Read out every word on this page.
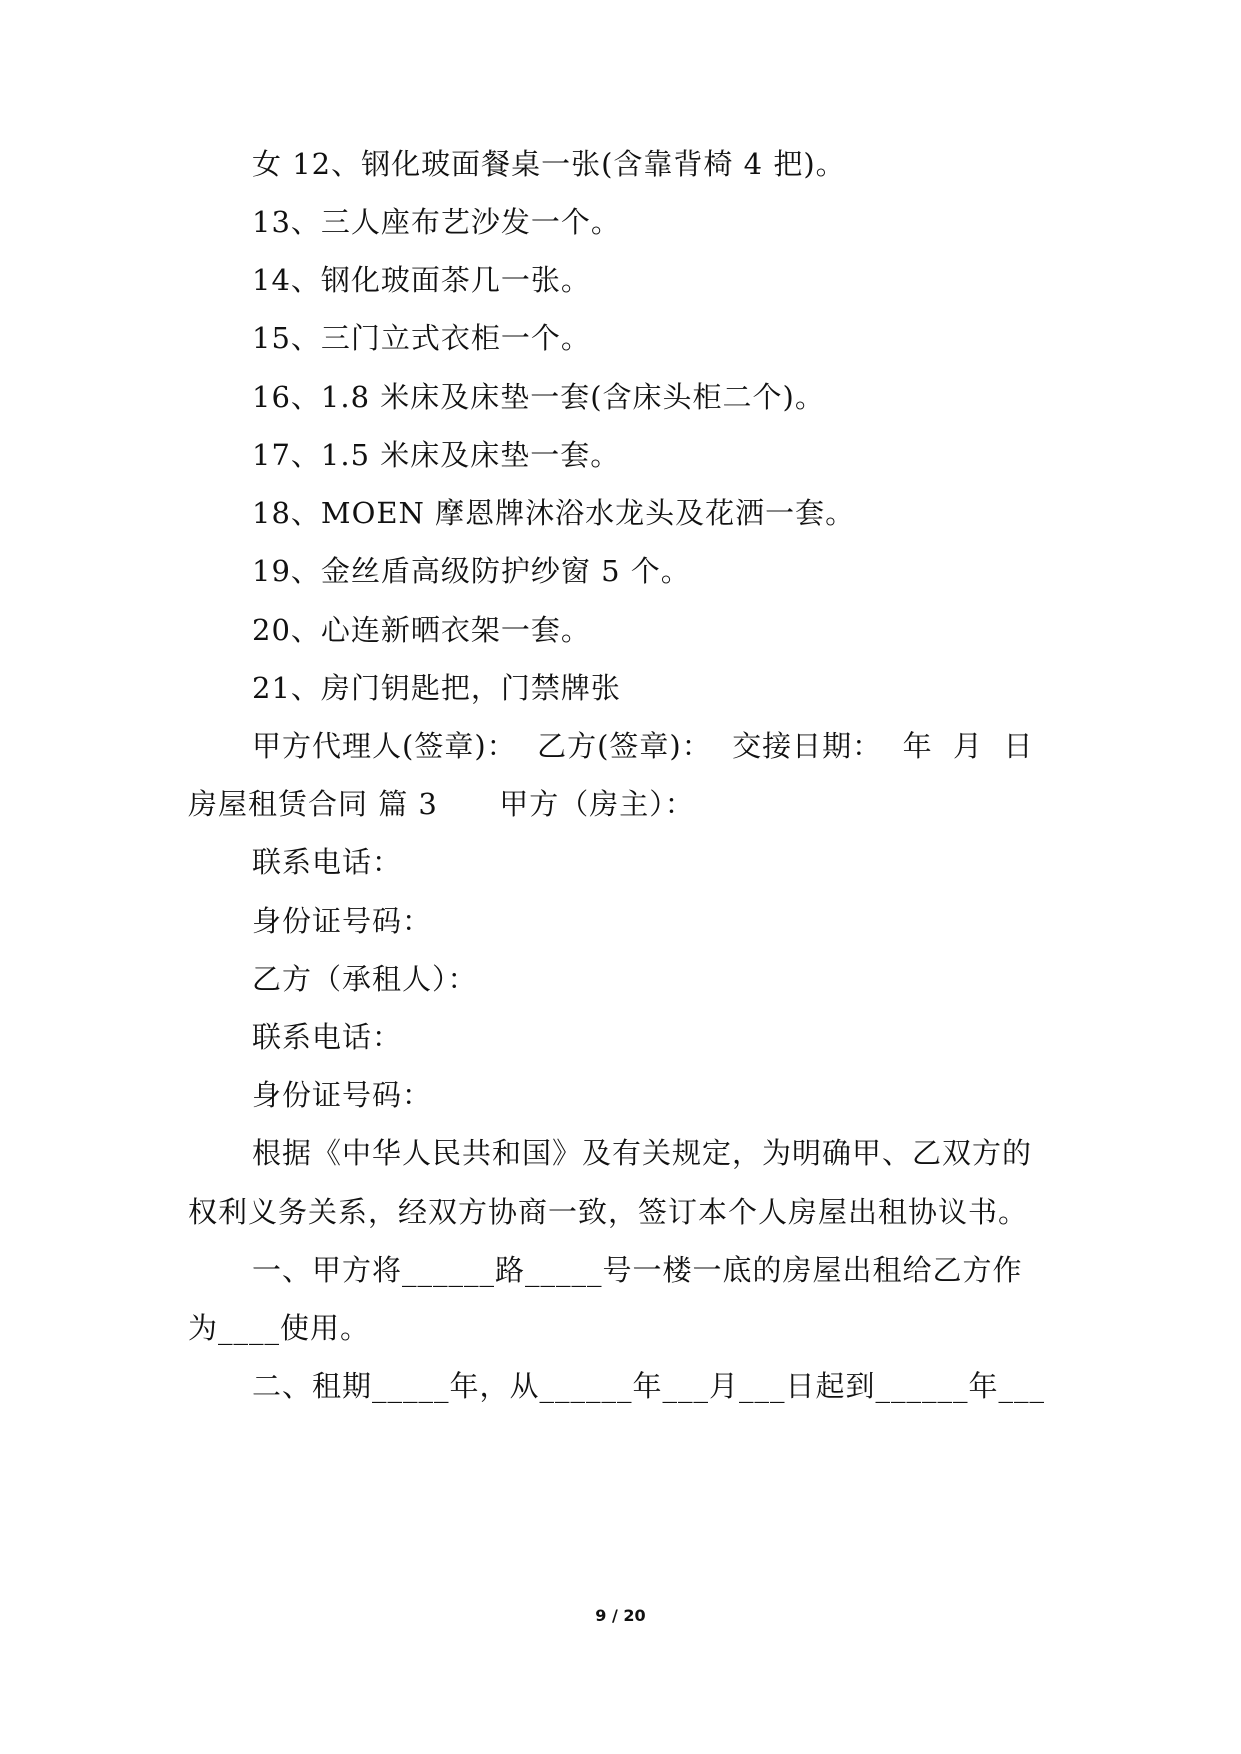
女 12、钢化玻面餐桌一张(含靠背椅 4 把)。
13、三人座布艺沙发一个。
14、钢化玻面茶几一张。
15、三门立式衣柜一个。
16、1.8 米床及床垫一套(含床头柜二个)。
17、1.5 米床及床垫一套。
18、MOEN 摩恩牌沐浴水龙头及花洒一套。
19、金丝盾高级防护纱窗 5 个。
20、心连新晒衣架一套。
21、房门钥匙把，门禁牌张
甲方代理人(签章)：  乙方(签章)：  交接日期：  年  月  日
房屋租赁合同 篇 3      甲方（房主）：
联系电话：
身份证号码：
乙方（承租人）：
联系电话：
身份证号码：
根据《中华人民共和国》及有关规定，为明确甲、乙双方的
权利义务关系，经双方协商一致，签订本个人房屋出租协议书。
一、甲方将______路_____号一楼一底的房屋出租给乙方作
为____使用。
二、租期_____年，从______年___月___日起到______年___
9 / 20
